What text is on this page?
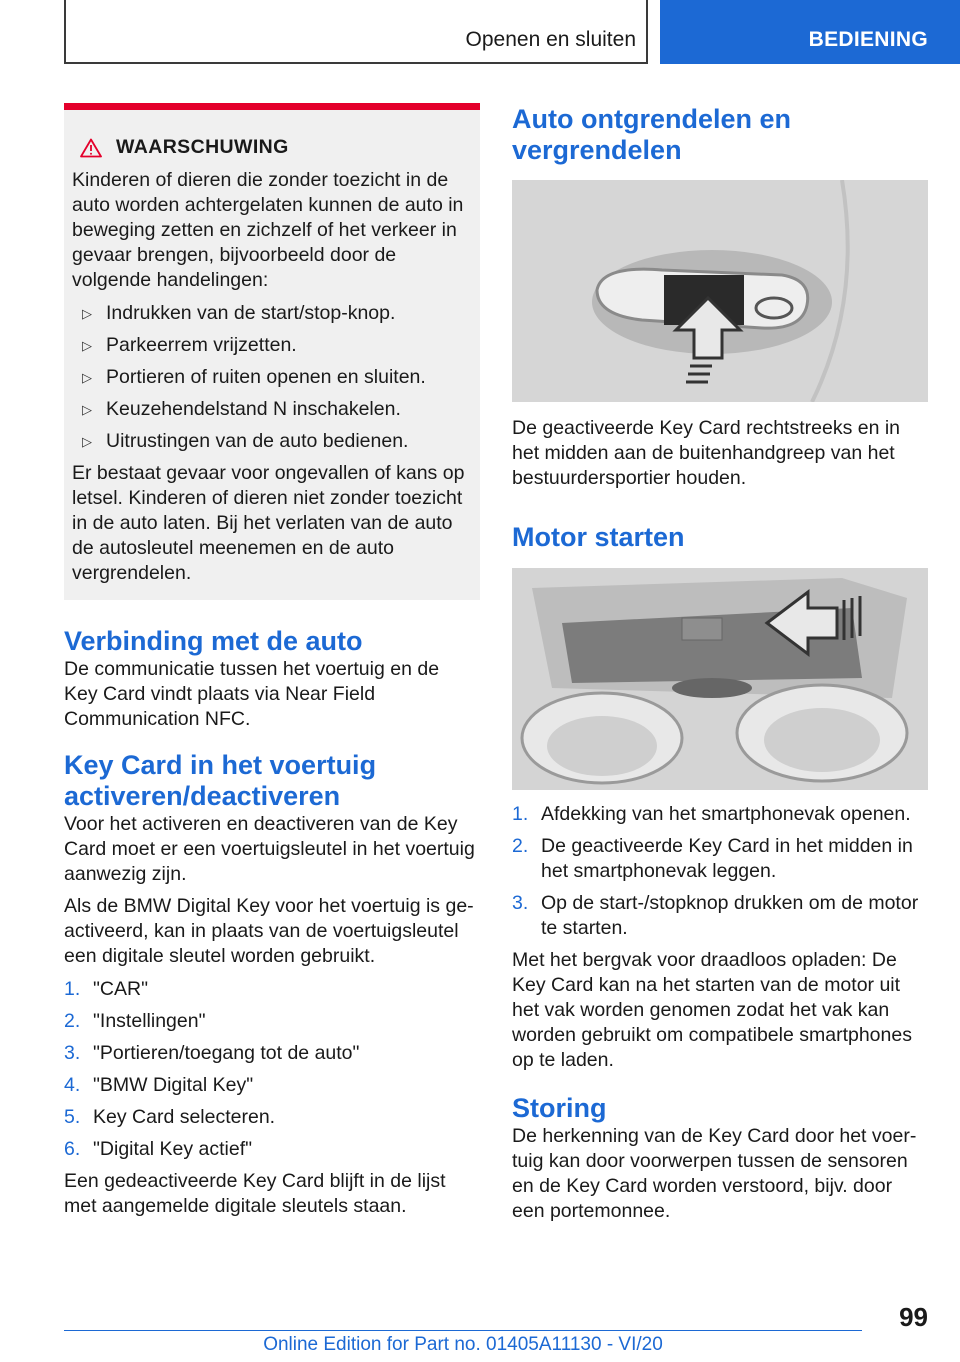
Openen en sluiten	BEDIENING
WAARSCHUWING

Kinderen of dieren die zonder toezicht in de auto worden achtergelaten kunnen de auto in beweging zetten en zichzelf of het verkeer in gevaar brengen, bijvoorbeeld door de volgende handelingen:

▷ Indrukken van de start/stop-knop.
▷ Parkeerrem vrijzetten.
▷ Portieren of ruiten openen en sluiten.
▷ Keuzehendelstand N inschakelen.
▷ Uitrustingen van de auto bedienen.

Er bestaat gevaar voor ongevallen of kans op letsel. Kinderen of dieren niet zonder toezicht in de auto laten. Bij het verlaten van de auto de autosleutel meenemen en de auto vergrendelen.

Verbinding met de auto

De communicatie tussen het voertuig en de Key Card vindt plaats via Near Field Communication NFC.

Key Card in het voertuig activeren/deactiveren

Voor het activeren en deactiveren van de Key Card moet er een voertuigsleutel in het voertuig aanwezig zijn.

Als de BMW Digital Key voor het voertuig is geactiveerd, kan in plaats van de voertuigsleutel een digitale sleutel worden gebruikt.

1. "CAR"
2. "Instellingen"
3. "Portieren/toegang tot de auto"
4. "BMW Digital Key"
5. Key Card selecteren.
6. "Digital Key actief"

Een gedeactiveerde Key Card blijft in de lijst met aangemelde digitale sleutels staan.

Auto ontgrendelen en vergrendelen

De geactiveerde Key Card rechtstreeks en in het midden aan de buitenhandgreep van het bestuurdersportier houden.

Motor starten
1. Afdekking van het smartphonevak openen.
2. De geactiveerde Key Card in het midden in het smartphonevak leggen.
3. Op de start-/stopknop drukken om de motor te starten.

Met het bergvak voor draadloos opladen: De Key Card kan na het starten van de motor uit het vak worden genomen zodat het vak kan worden gebruikt om compatibele smartphones op te laden.

Storing

De herkenning van de Key Card door het voertuig kan door voorwerpen tussen de sensoren en de Key Card worden verstoord, bijv. door een portemonnee.

99
Online Edition for Part no. 01405A11130 - VI/20
